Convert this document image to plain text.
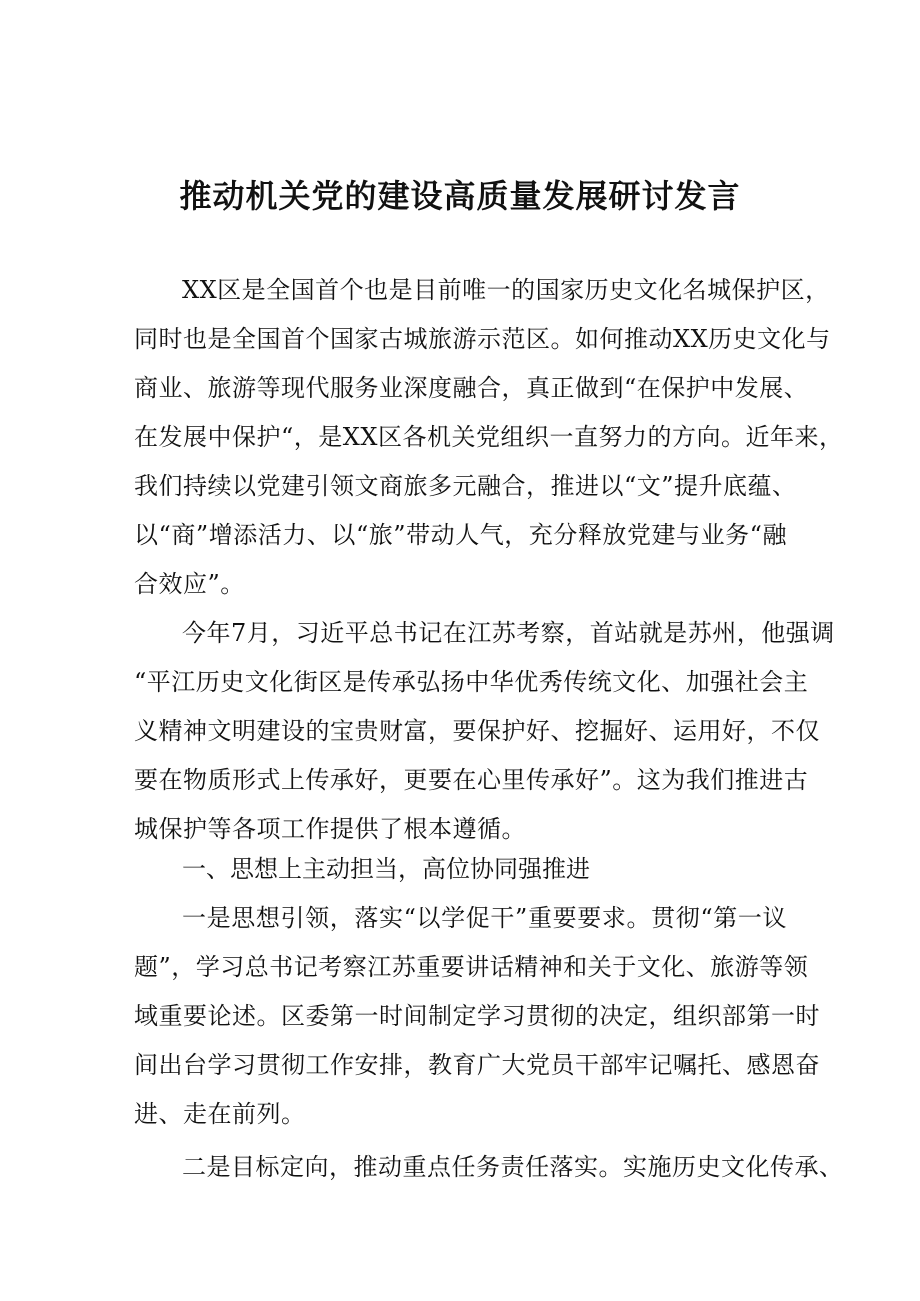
推动机关党的建设高质量发展研讨发言
XX区是全国首个也是目前唯一的国家历史文化名城保护区，
同时也是全国首个国家古城旅游示范区。如何推动XX历史文化与
商业、旅游等现代服务业深度融合，真正做到“在保护中发展、
在发展中保护“，是XX区各机关党组织一直努力的方向。近年来，
我们持续以党建引领文商旅多元融合，推进以“文”提升底蕴、
以“商”增添活力、以“旅”带动人气，充分释放党建与业务“融
合效应”。
今年7月，习近平总书记在江苏考察，首站就是苏州，他强调
“平江历史文化街区是传承弘扬中华优秀传统文化、加强社会主
义精神文明建设的宝贵财富，要保护好、挖掘好、运用好，不仅
要在物质形式上传承好，更要在心里传承好”。这为我们推进古
城保护等各项工作提供了根本遵循。
一、思想上主动担当，高位协同强推进
一是思想引领，落实“以学促干”重要要求。贯彻“第一议
题”，学习总书记考察江苏重要讲话精神和关于文化、旅游等领
域重要论述。区委第一时间制定学习贯彻的决定，组织部第一时
间出台学习贯彻工作安排，教育广大党员干部牢记嘱托、感恩奋
进、走在前列。
二是目标定向，推动重点任务责任落实。实施历史文化传承、
